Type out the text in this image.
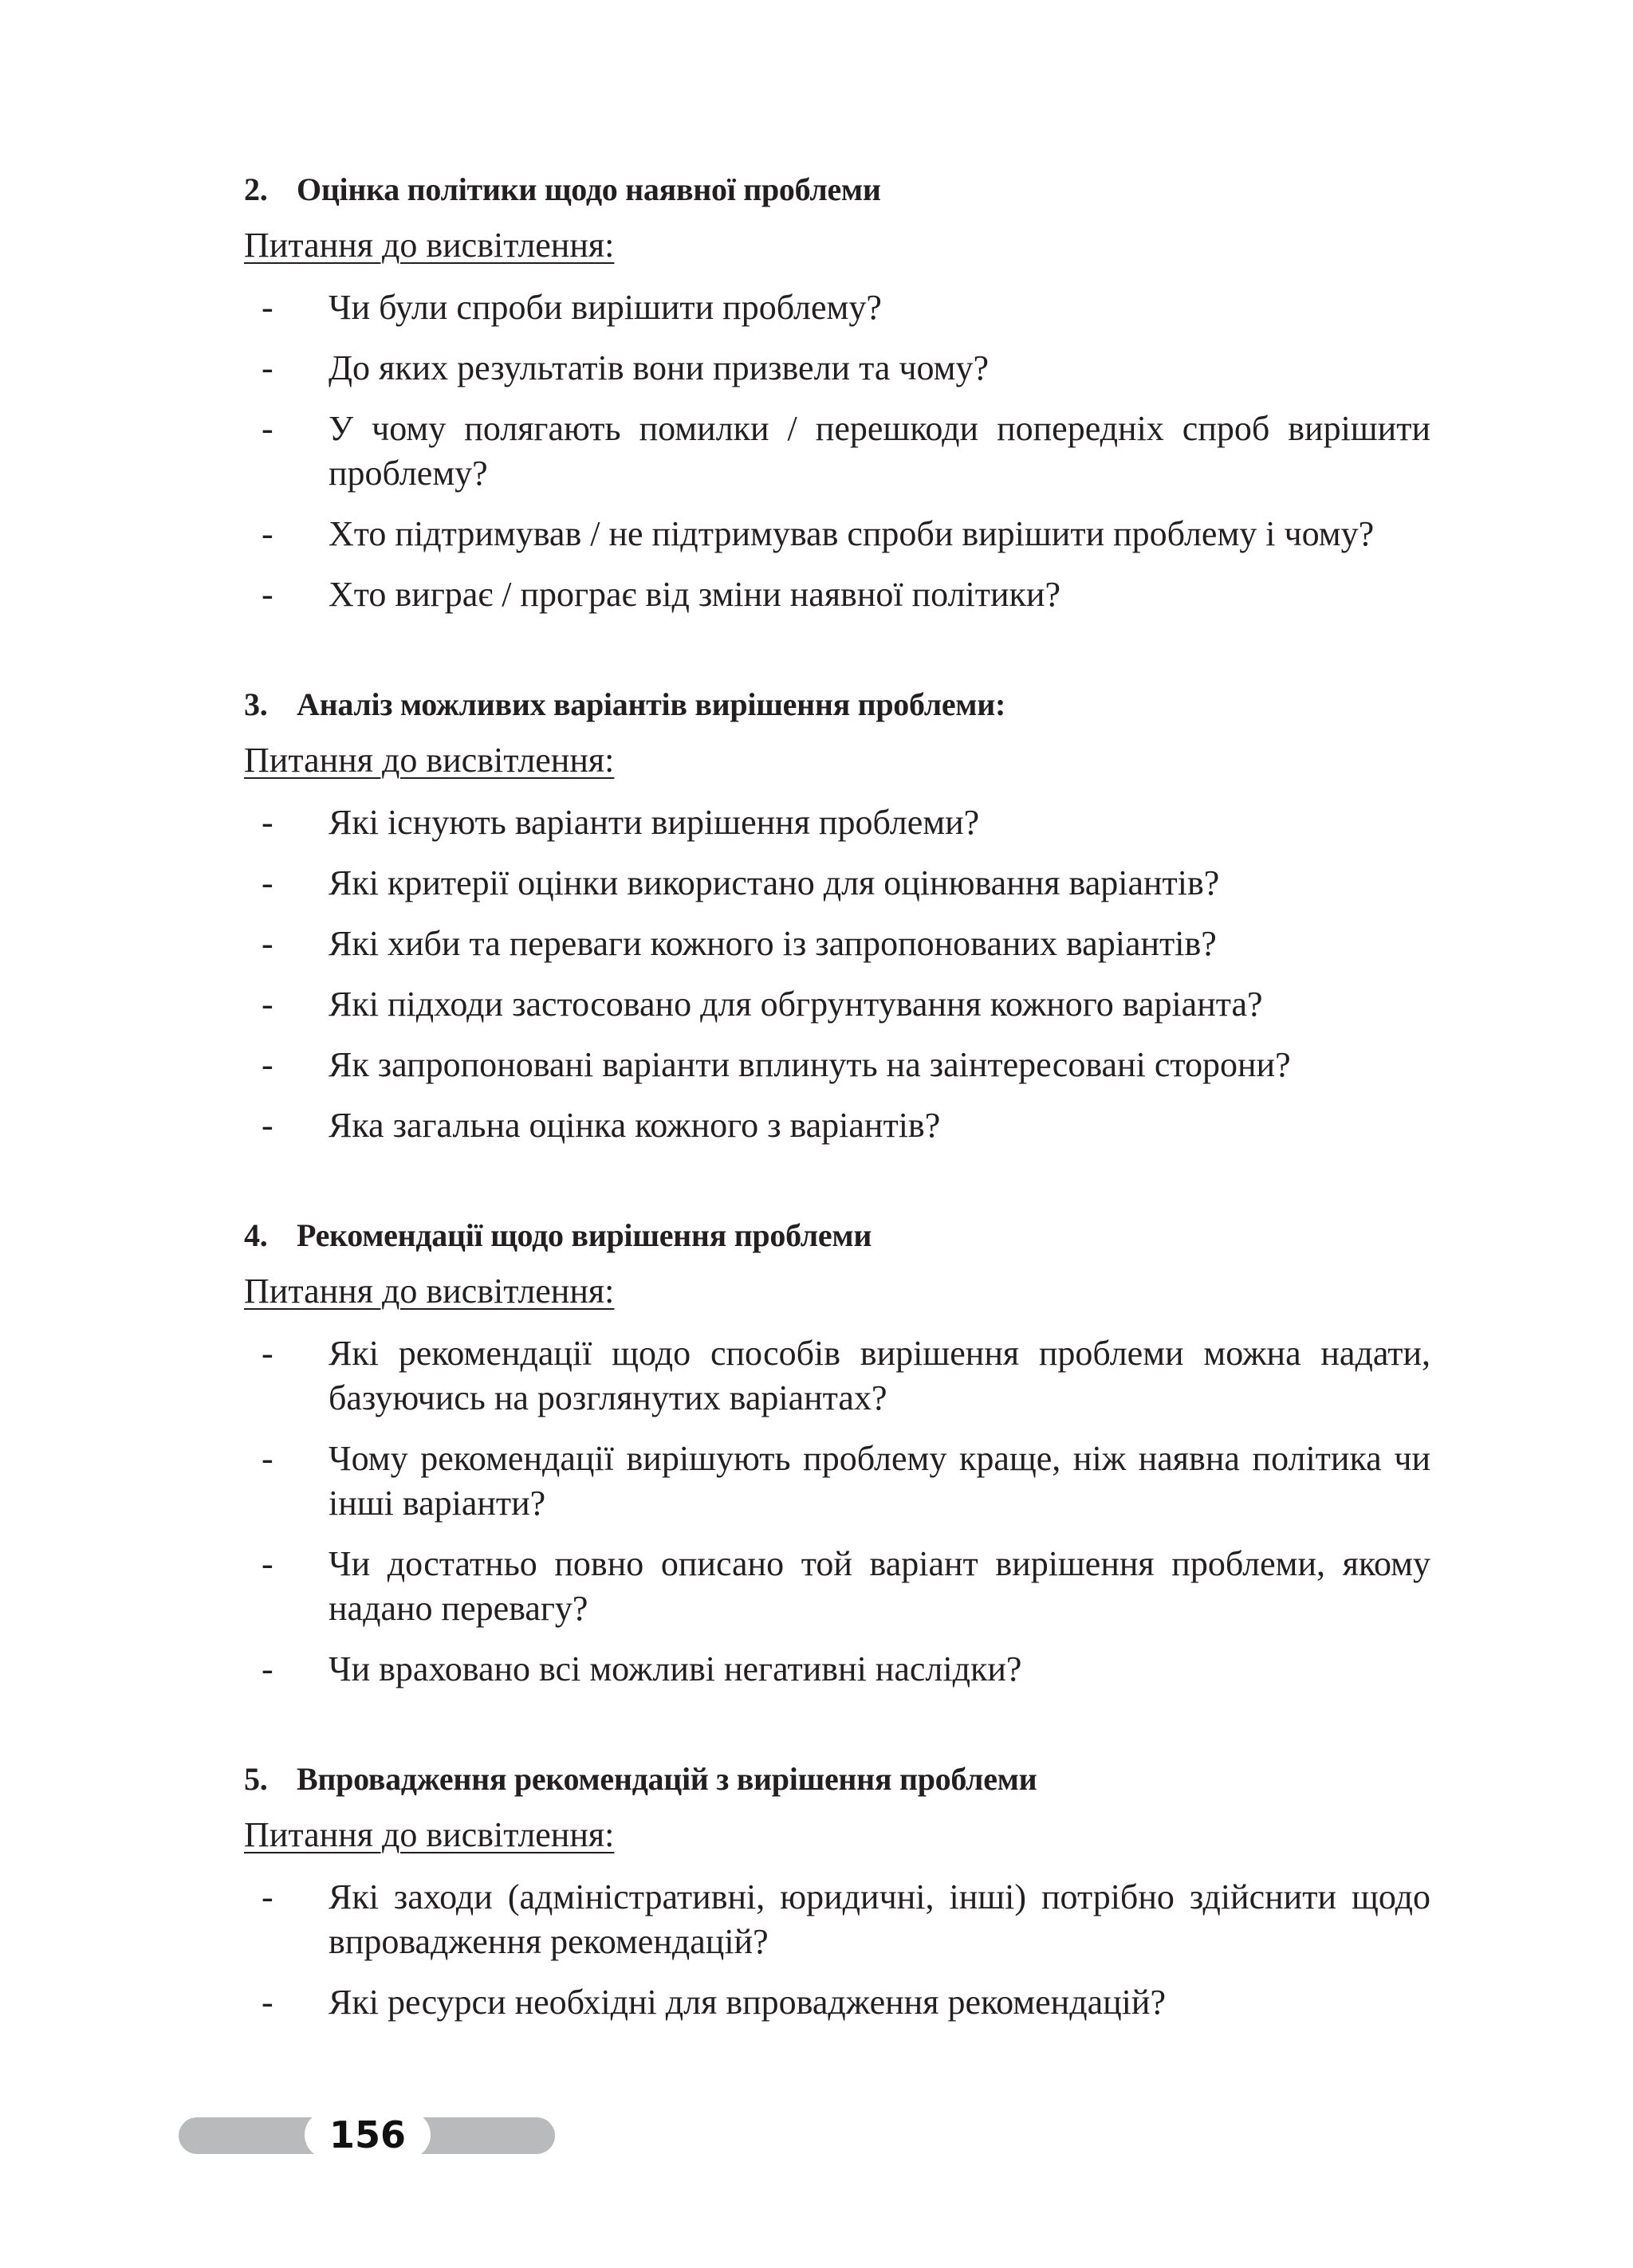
2. Оцінка політики щодо наявної проблеми
Питання до висвітлення:
- Чи були спроби вирішити проблему?
- До яких результатів вони призвели та чому?
- У чому полягають помилки / перешкоди попередніх спроб вирішити проблему?
- Хто підтримував / не підтримував спроби вирішити проблему і чому?
- Хто виграє / програє від зміни наявної політики?
3. Аналіз можливих варіантів вирішення проблеми:
Питання до висвітлення:
- Які існують варіанти вирішення проблеми?
- Які критерії оцінки використано для оцінювання варіантів?
- Які хиби та переваги кожного із запропонованих варіантів?
- Які підходи застосовано для обгрунтування кожного варіанта?
- Як запропоновані варіанти вплинуть на заінтересовані сторони?
- Яка загальна оцінка кожного з варіантів?
4. Рекомендації щодо вирішення проблеми
Питання до висвітлення:
- Які рекомендації щодо способів вирішення проблеми можна надати, базуючись на розглянутих варіантах?
- Чому рекомендації вирішують проблему краще, ніж наявна політика чи інші варіанти?
- Чи достатньо повно описано той варіант вирішення проблеми, якому надано перевагу?
- Чи враховано всі можливі негативні наслідки?
5. Впровадження рекомендацій з вирішення проблеми
Питання до висвітлення:
- Які заходи (адміністративні, юридичні, інші) потрібно здійснити щодо впровадження рекомендацій?
- Які ресурси необхідні для впровадження рекомендацій?
156
